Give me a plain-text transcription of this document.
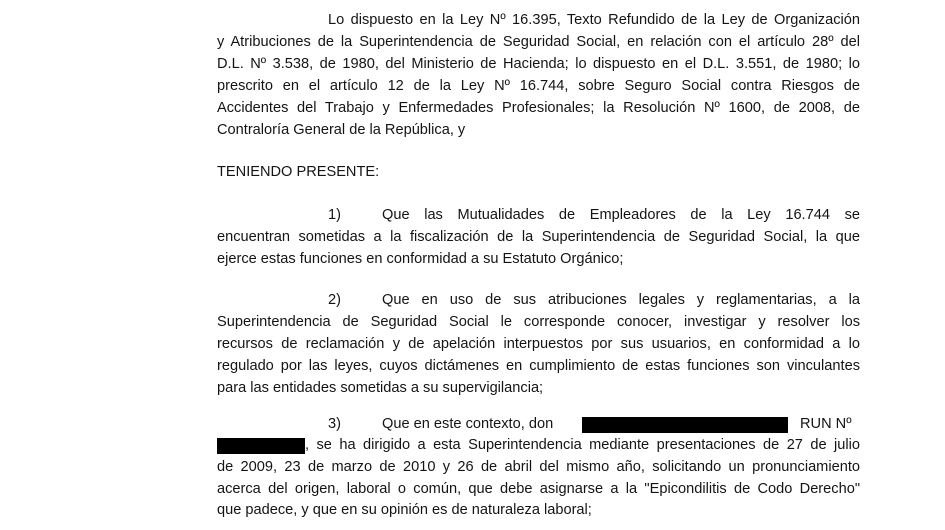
Lo dispuesto en la Ley Nº 16.395, Texto Refundido de la Ley de Organización
y Atribuciones de la Superintendencia de Seguridad Social, en relación con el artículo 28º del
D.L. Nº 3.538, de 1980, del Ministerio de Hacienda; lo dispuesto en el D.L. 3.551, de 1980; lo
prescrito en el artículo 12 de la Ley Nº 16.744, sobre Seguro Social contra Riesgos de
Accidentes del Trabajo y Enfermedades Profesionales; la Resolución Nº 1600, de 2008, de
Contraloría General de la República, y
TENIENDO PRESENTE:
1)	Que las Mutualidades de Empleadores de la Ley 16.744 se
encuentran sometidas a la fiscalización de la Superintendencia de Seguridad Social, la que
ejerce estas funciones en conformidad a su Estatuto Orgánico;
2)	Que en uso de sus atribuciones legales y reglamentarias, a la
Superintendencia de Seguridad Social le corresponde conocer, investigar y resolver los
recursos de reclamación y de apelación interpuestos por sus usuarios, en conformidad a lo
regulado por las leyes, cuyos dictámenes en cumplimiento de estas funciones son vinculantes
para las entidades sometidas a su supervigilancia;
3)	Que en este contexto, don	RUN Nº
, se ha dirigido a esta Superintendencia mediante presentaciones de 27 de julio
de 2009, 23 de marzo de 2010 y 26 de abril del mismo año, solicitando un pronunciamiento
acerca del origen, laboral o común, que debe asignarse a la "Epicondilitis de Codo Derecho"
que padece, y que en su opinión es de naturaleza laboral;
